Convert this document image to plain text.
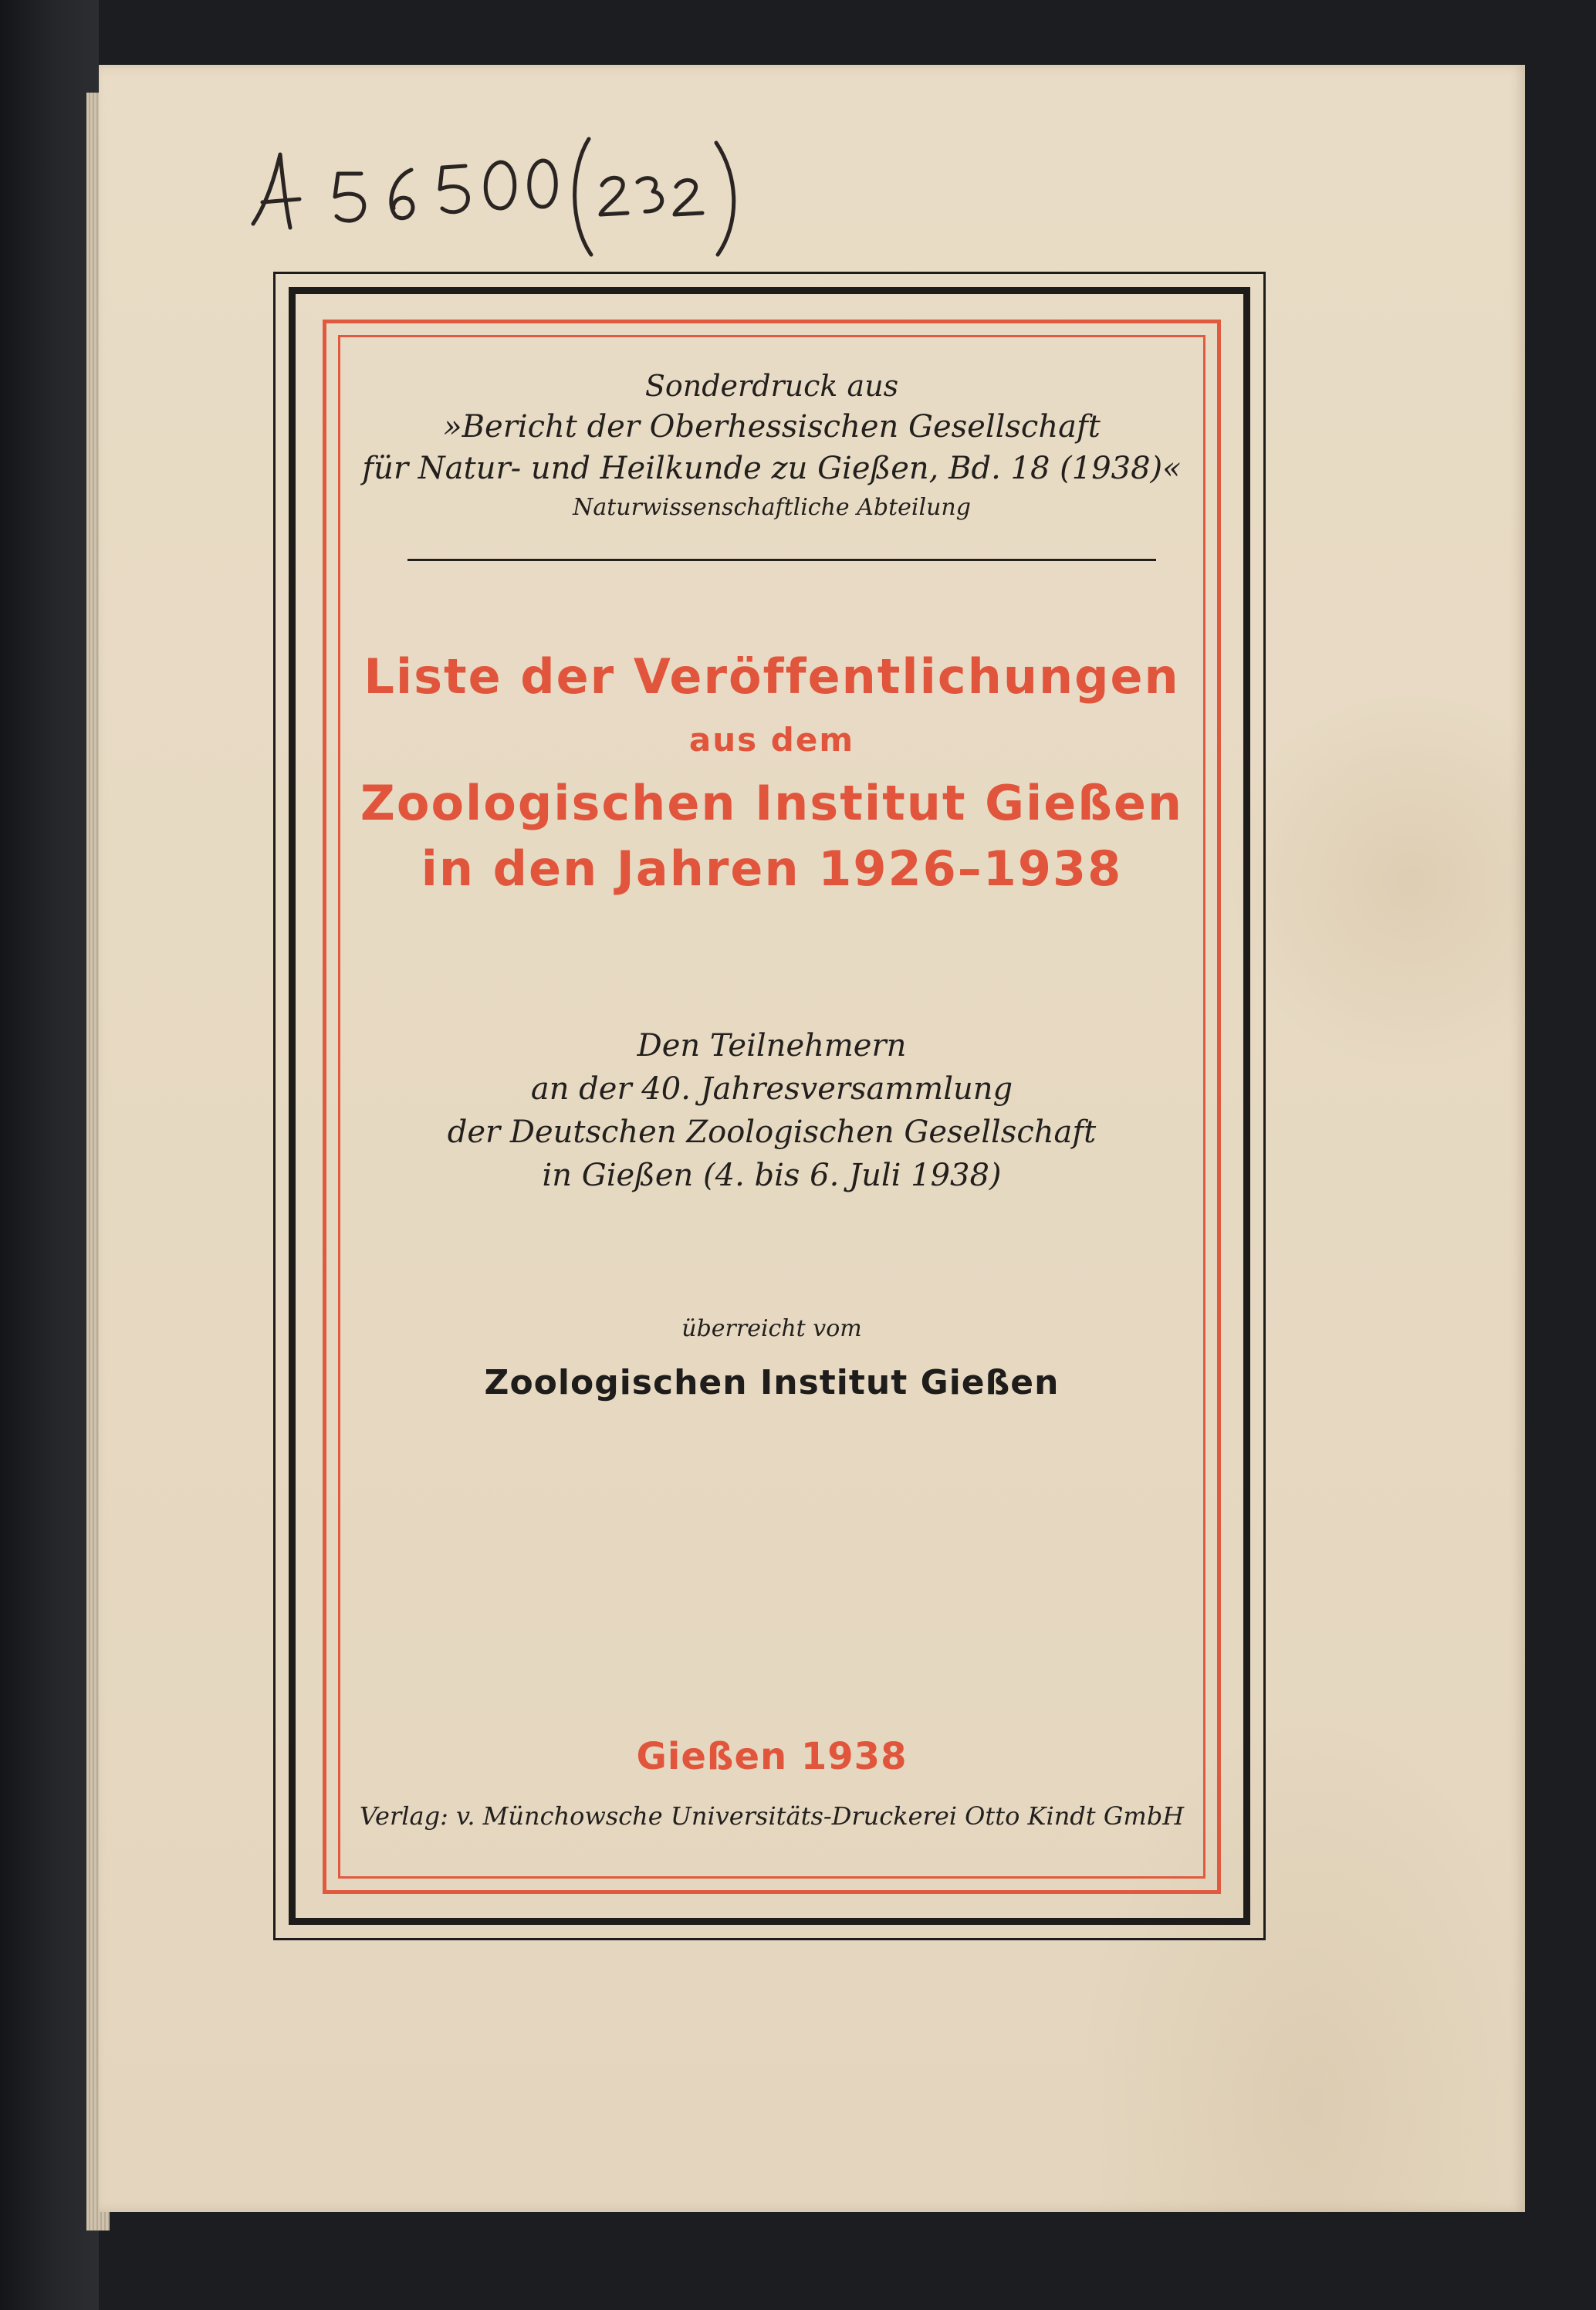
Sonderdruck aus
»Bericht der Oberhessischen Gesellschaft
für Natur- und Heilkunde zu Gießen, Bd. 18 (1938)«
Naturwissenschaftliche Abteilung
Liste der Veröffentlichungen
aus dem
Zoologischen Institut Gießen
in den Jahren 1926–1938
Den Teilnehmern
an der 40. Jahresversammlung
der Deutschen Zoologischen Gesellschaft
in Gießen (4. bis 6. Juli 1938)
überreicht vom
Zoologischen Institut Gießen
Gießen 1938
Verlag: v. Münchowsche Universitäts-Druckerei Otto Kindt GmbH
